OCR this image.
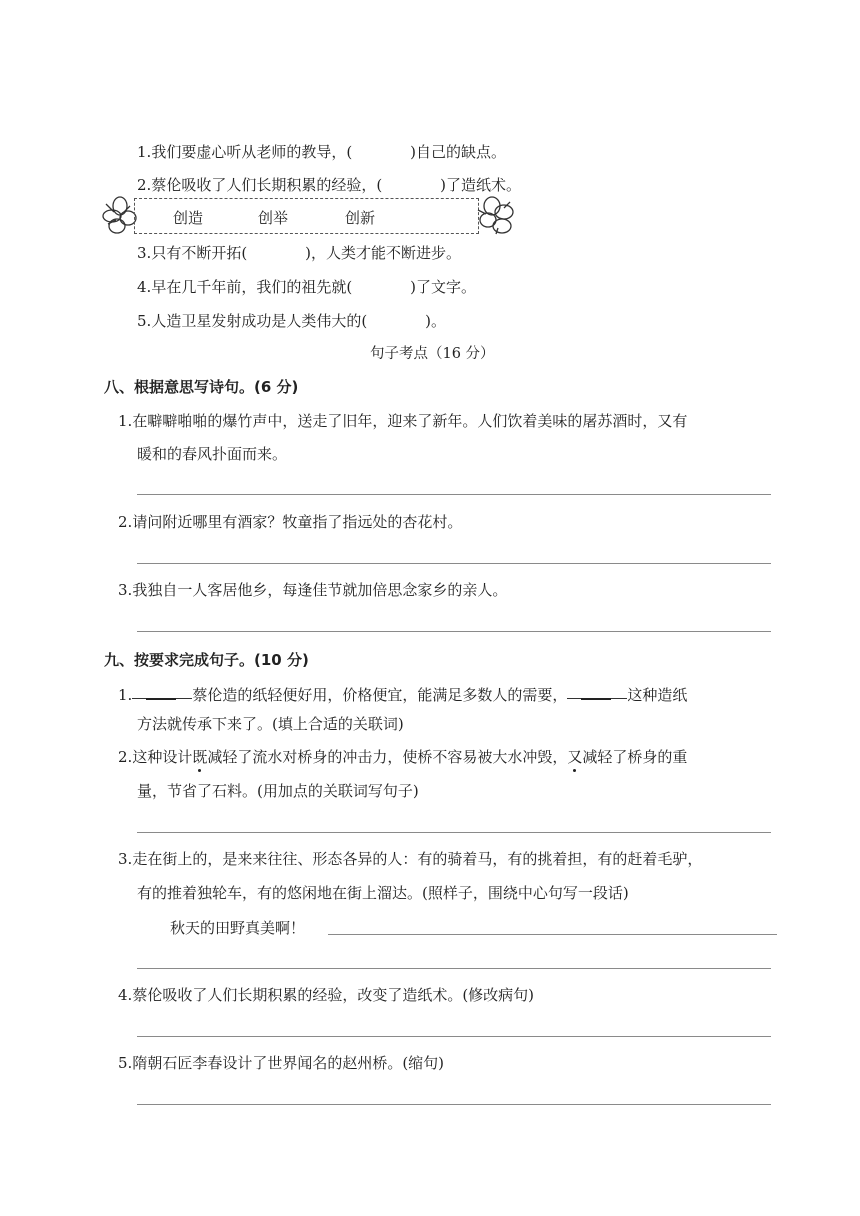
1.我们要虚心听从老师的教导，(	)自己的缺点。
2.蔡伦吸收了人们长期积累的经验，(	)了造纸术。
创造	创举	创新
3.只有不断开拓(	)，人类才能不断进步。
4.早在几千年前，我们的祖先就(	)了文字。
5.人造卫星发射成功是人类伟大的(	)。
句子考点（16 分）
八、根据意思写诗句。(6 分)
1.在噼噼啪啪的爆竹声中，送走了旧年，迎来了新年。人们饮着美味的屠苏酒时，又有
暖和的春风扑面而来。
2.请问附近哪里有酒家？牧童指了指远处的杏花村。
3.我独自一人客居他乡，每逢佳节就加倍思念家乡的亲人。
九、按要求完成句子。(10 分)
1.	蔡伦造的纸轻便好用，价格便宜，能满足多数人的需要，	这种造纸
方法就传承下来了。(填上合适的关联词)
2.这种设计既减轻了流水对桥身的冲击力，使桥不容易被大水冲毁，又减轻了桥身的重
量，节省了石料。(用加点的关联词写句子)
3.走在街上的，是来来往往、形态各异的人：有的骑着马，有的挑着担，有的赶着毛驴，
有的推着独轮车，有的悠闲地在街上溜达。(照样子，围绕中心句写一段话)
秋天的田野真美啊！
4.蔡伦吸收了人们长期积累的经验，改变了造纸术。(修改病句)
5.隋朝石匠李春设计了世界闻名的赵州桥。(缩句)
